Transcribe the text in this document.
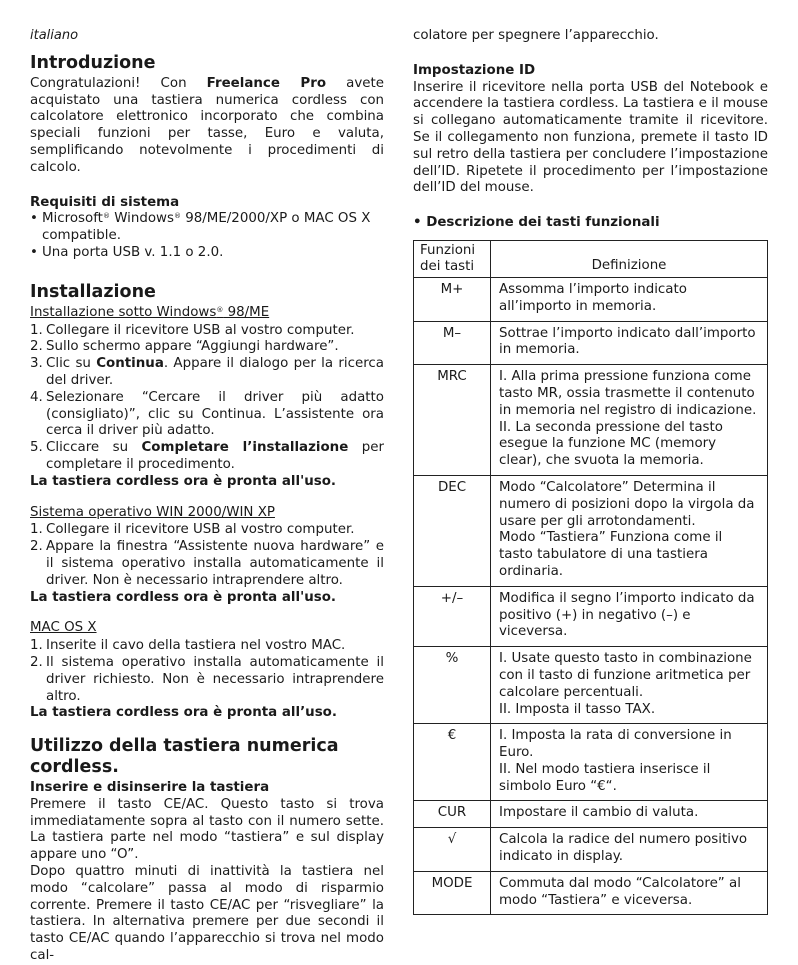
italiano
Introduzione

Congratulazioni! Con Freelance Pro avete acquistato una tastiera numerica cordless con calcolatore elettronico incorporato che combina speciali funzioni per tasse, Euro e valuta, semplificando notevolmente i procedimenti di calcolo.

Requisiti di sistema
• Microsoft® Windows® 98/ME/2000/XP o MAC OS X compatible.
• Una porta USB v. 1.1 o 2.0.
Installazione
Installazione sotto Windows® 98/ME
1. Collegare il ricevitore USB al vostro computer.
2. Sullo schermo appare “Aggiungi hardware”.
3. Clic su Continua. Appare il dialogo per la ricerca del driver.
4. Selezionare “Cercare il driver più adatto (consigliato)”, clic su Continua. L’assistente ora cerca il driver più adatto.
5. Cliccare su Completare l’installazione per completare il procedimento.
La tastiera cordless ora è pronta all'uso.
Sistema operativo WIN 2000/WIN XP
1. Collegare il ricevitore USB al vostro computer.
2. Appare la finestra “Assistente nuova hardware” e il sistema operativo installa automaticamente il driver. Non è necessario intraprendere altro.
La tastiera cordless ora è pronta all'uso.
MAC OS X
1. Inserite il cavo della tastiera nel vostro MAC.
2. Il sistema operativo installa automaticamente il driver richiesto. Non è necessario intraprendere altro.
La tastiera cordless ora è pronta all’uso.
Utilizzo della tastiera numerica cordless.
Inserire e disinserire la tastiera

Premere il tasto CE/AC. Questo tasto si trova immediatamente sopra al tasto con il numero sette. La tastiera parte nel modo “tastiera” e sul display appare uno “O”.

Dopo quattro minuti di inattività la tastiera nel modo “calcolare” passa al modo di risparmio corrente. Premere il tasto CE/AC per “risvegliare” la tastiera. In alternativa premere per due secondi il tasto CE/AC quando l’apparecchio si trova nel modo cal-

colatore per spegnere l’apparecchio.

Impostazione ID

Inserire il ricevitore nella porta USB del Notebook e accendere la tastiera cordless. La tastiera e il mouse si collegano automaticamente tramite il ricevitore. Se il collegamento non funziona, premete il tasto ID sul retro della tastiera per concludere l’impostazione dell’ID. Ripetete il procedimento per l’impostazione dell’ID del mouse.

• Descrizione dei tasti funzionali
Funzioni
dei tasti	Definizione
M+	Assomma l’importo indicato all’importo in memoria.
M–	Sottrae l’importo indicato dall’importo in memoria.
MRC	I. Alla prima pressione funziona come tasto MR, ossia trasmette il contenuto in memoria nel registro di indicazione.
II. La seconda pressione del tasto esegue la funzione MC (memory clear), che svuota la memoria.
DEC	Modo “Calcolatore” Determina il numero di posizioni dopo la virgola da usare per gli arrotondamenti.
Modo “Tastiera” Funziona come il tasto tabulatore di una tastiera ordinaria.
+/–	Modifica il segno l’importo indicato da positivo (+) in negativo (–) e viceversa.
%	I. Usate questo tasto in combinazione con il tasto di funzione aritmetica per calcolare percentuali.
II. Imposta il tasso TAX.
€	I. Imposta la rata di conversione in Euro.
II. Nel modo tastiera inserisce il simbolo Euro “€“.
CUR	Impostare il cambio di valuta.
√	Calcola la radice del numero positivo indicato in display.
MODE	Commuta dal modo “Calcolatore” al modo “Tastiera” e viceversa.
